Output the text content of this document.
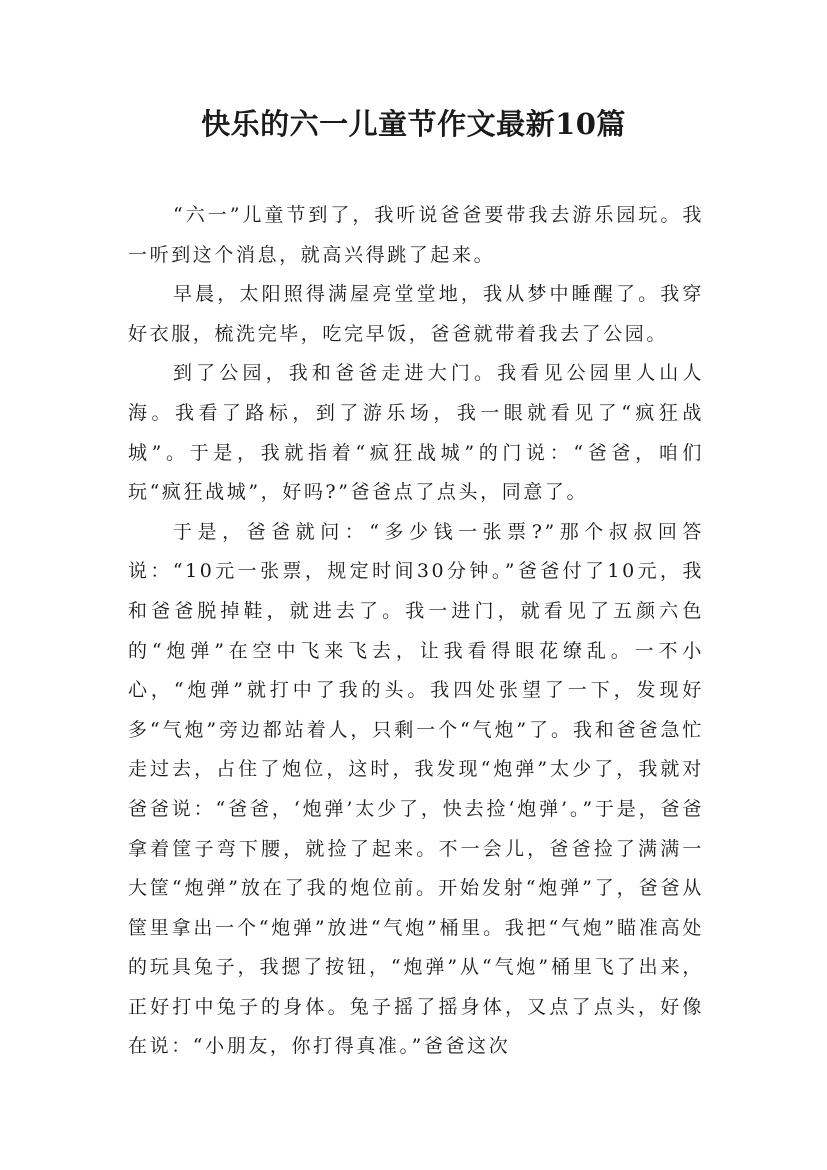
快乐的六一儿童节作文最新10篇

“六一”儿童节到了，我听说爸爸要带我去游乐园玩。我一听到这个消息，就高兴得跳了起来。

早晨，太阳照得满屋亮堂堂地，我从梦中睡醒了。我穿好衣服，梳洗完毕，吃完早饭，爸爸就带着我去了公园。

到了公园，我和爸爸走进大门。我看见公园里人山人海。我看了路标，到了游乐场，我一眼就看见了“疯狂战城”。于是，我就指着“疯狂战城”的门说：“爸爸，咱们玩“疯狂战城”，好吗?”爸爸点了点头，同意了。

于是，爸爸就问：“多少钱一张票?”那个叔叔回答说：“10元一张票，规定时间30分钟。”爸爸付了10元，我和爸爸脱掉鞋，就进去了。我一进门，就看见了五颜六色的“炮弹”在空中飞来飞去，让我看得眼花缭乱。一不小心，“炮弹”就打中了我的头。我四处张望了一下，发现好多“气炮”旁边都站着人，只剩一个“气炮”了。我和爸爸急忙走过去，占住了炮位，这时，我发现“炮弹”太少了，我就对爸爸说：“爸爸，‘炮弹’太少了，快去捡‘炮弹’。”于是，爸爸拿着筐子弯下腰，就捡了起来。不一会儿，爸爸捡了满满一大筐“炮弹”放在了我的炮位前。开始发射“炮弹”了，爸爸从筐里拿出一个“炮弹”放进“气炮”桶里。我把“气炮”瞄准高处的玩具兔子，我摁了按钮，“炮弹”从“气炮”桶里飞了出来，正好打中兔子的身体。兔子摇了摇身体，又点了点头，好像在说：“小朋友，你打得真准。”爸爸这次
